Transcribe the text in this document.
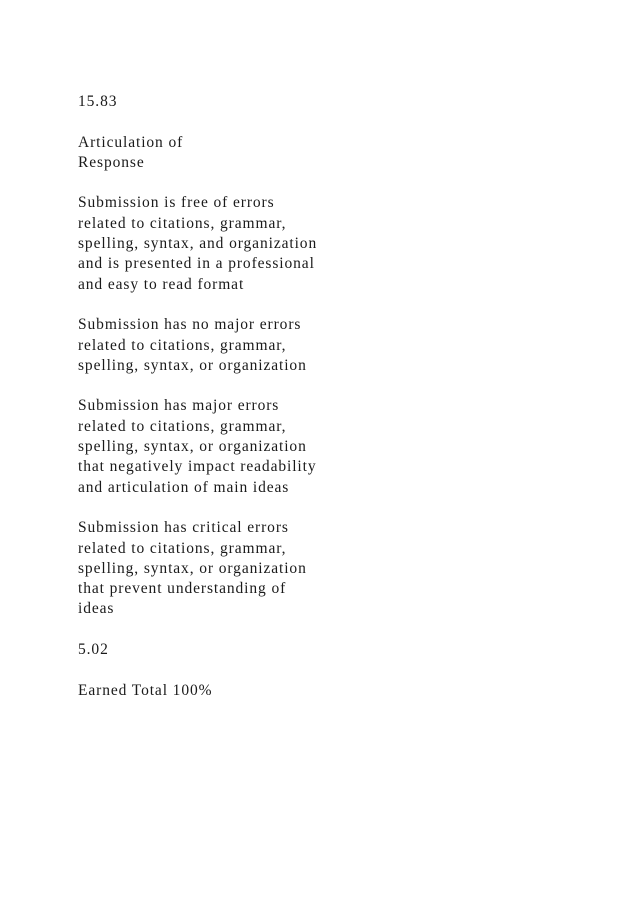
15.83

Articulation of
Response

Submission is free of errors
related to citations, grammar,
spelling, syntax, and organization
and is presented in a professional
and easy to read format

Submission has no major errors
related to citations, grammar,
spelling, syntax, or organization

Submission has major errors
related to citations, grammar,
spelling, syntax, or organization
that negatively impact readability
and articulation of main ideas

Submission has critical errors
related to citations, grammar,
spelling, syntax, or organization
that prevent understanding of
ideas

5.02

Earned Total 100%
